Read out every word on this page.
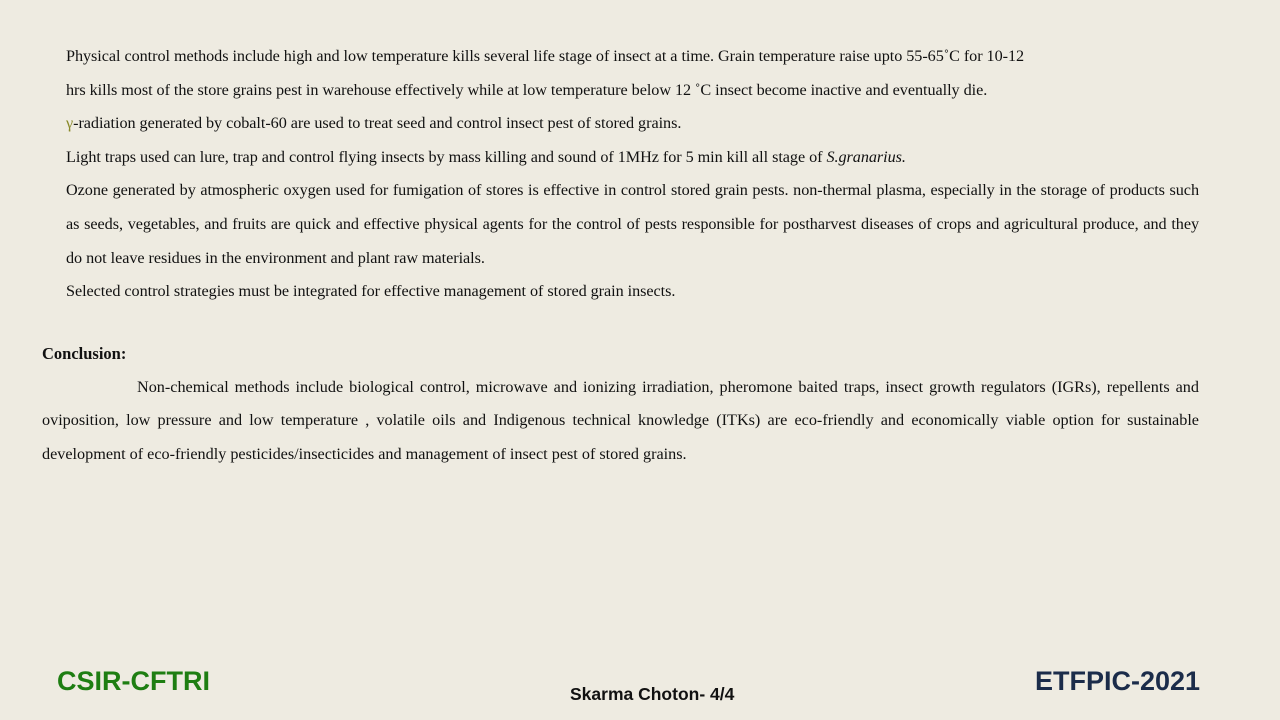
Physical control methods include high and low temperature kills several life stage of insect at a time. Grain temperature raise upto 55-65˚C for 10-12

hrs kills most of the store grains pest in warehouse effectively while at low temperature below 12 ˚C insect become inactive and eventually die.

γ-radiation generated by cobalt-60 are used to treat seed and control insect pest of stored grains.

Light traps used can lure, trap and control flying insects by mass killing and sound of 1MHz for 5 min kill all stage of S.granarius.

Ozone generated by atmospheric oxygen used for fumigation of stores is effective in control stored grain pests. non-thermal plasma, especially in the storage of products such as seeds, vegetables, and fruits are quick and effective physical agents for the control of pests responsible for postharvest diseases of crops and agricultural produce, and they do not leave residues in the environment and plant raw materials.

Selected control strategies must be integrated for effective management of stored grain insects.

Conclusion:

Non-chemical methods include biological control, microwave and ionizing irradiation, pheromone baited traps, insect growth regulators (IGRs), repellents and oviposition, low pressure and low temperature , volatile oils and Indigenous technical knowledge (ITKs) are eco-friendly and economically viable option for sustainable development of eco-friendly pesticides/insecticides and management of insect pest of stored grains.

CSIR-CFTRI	Skarma Choton- 4/4	ETFPIC-2021
